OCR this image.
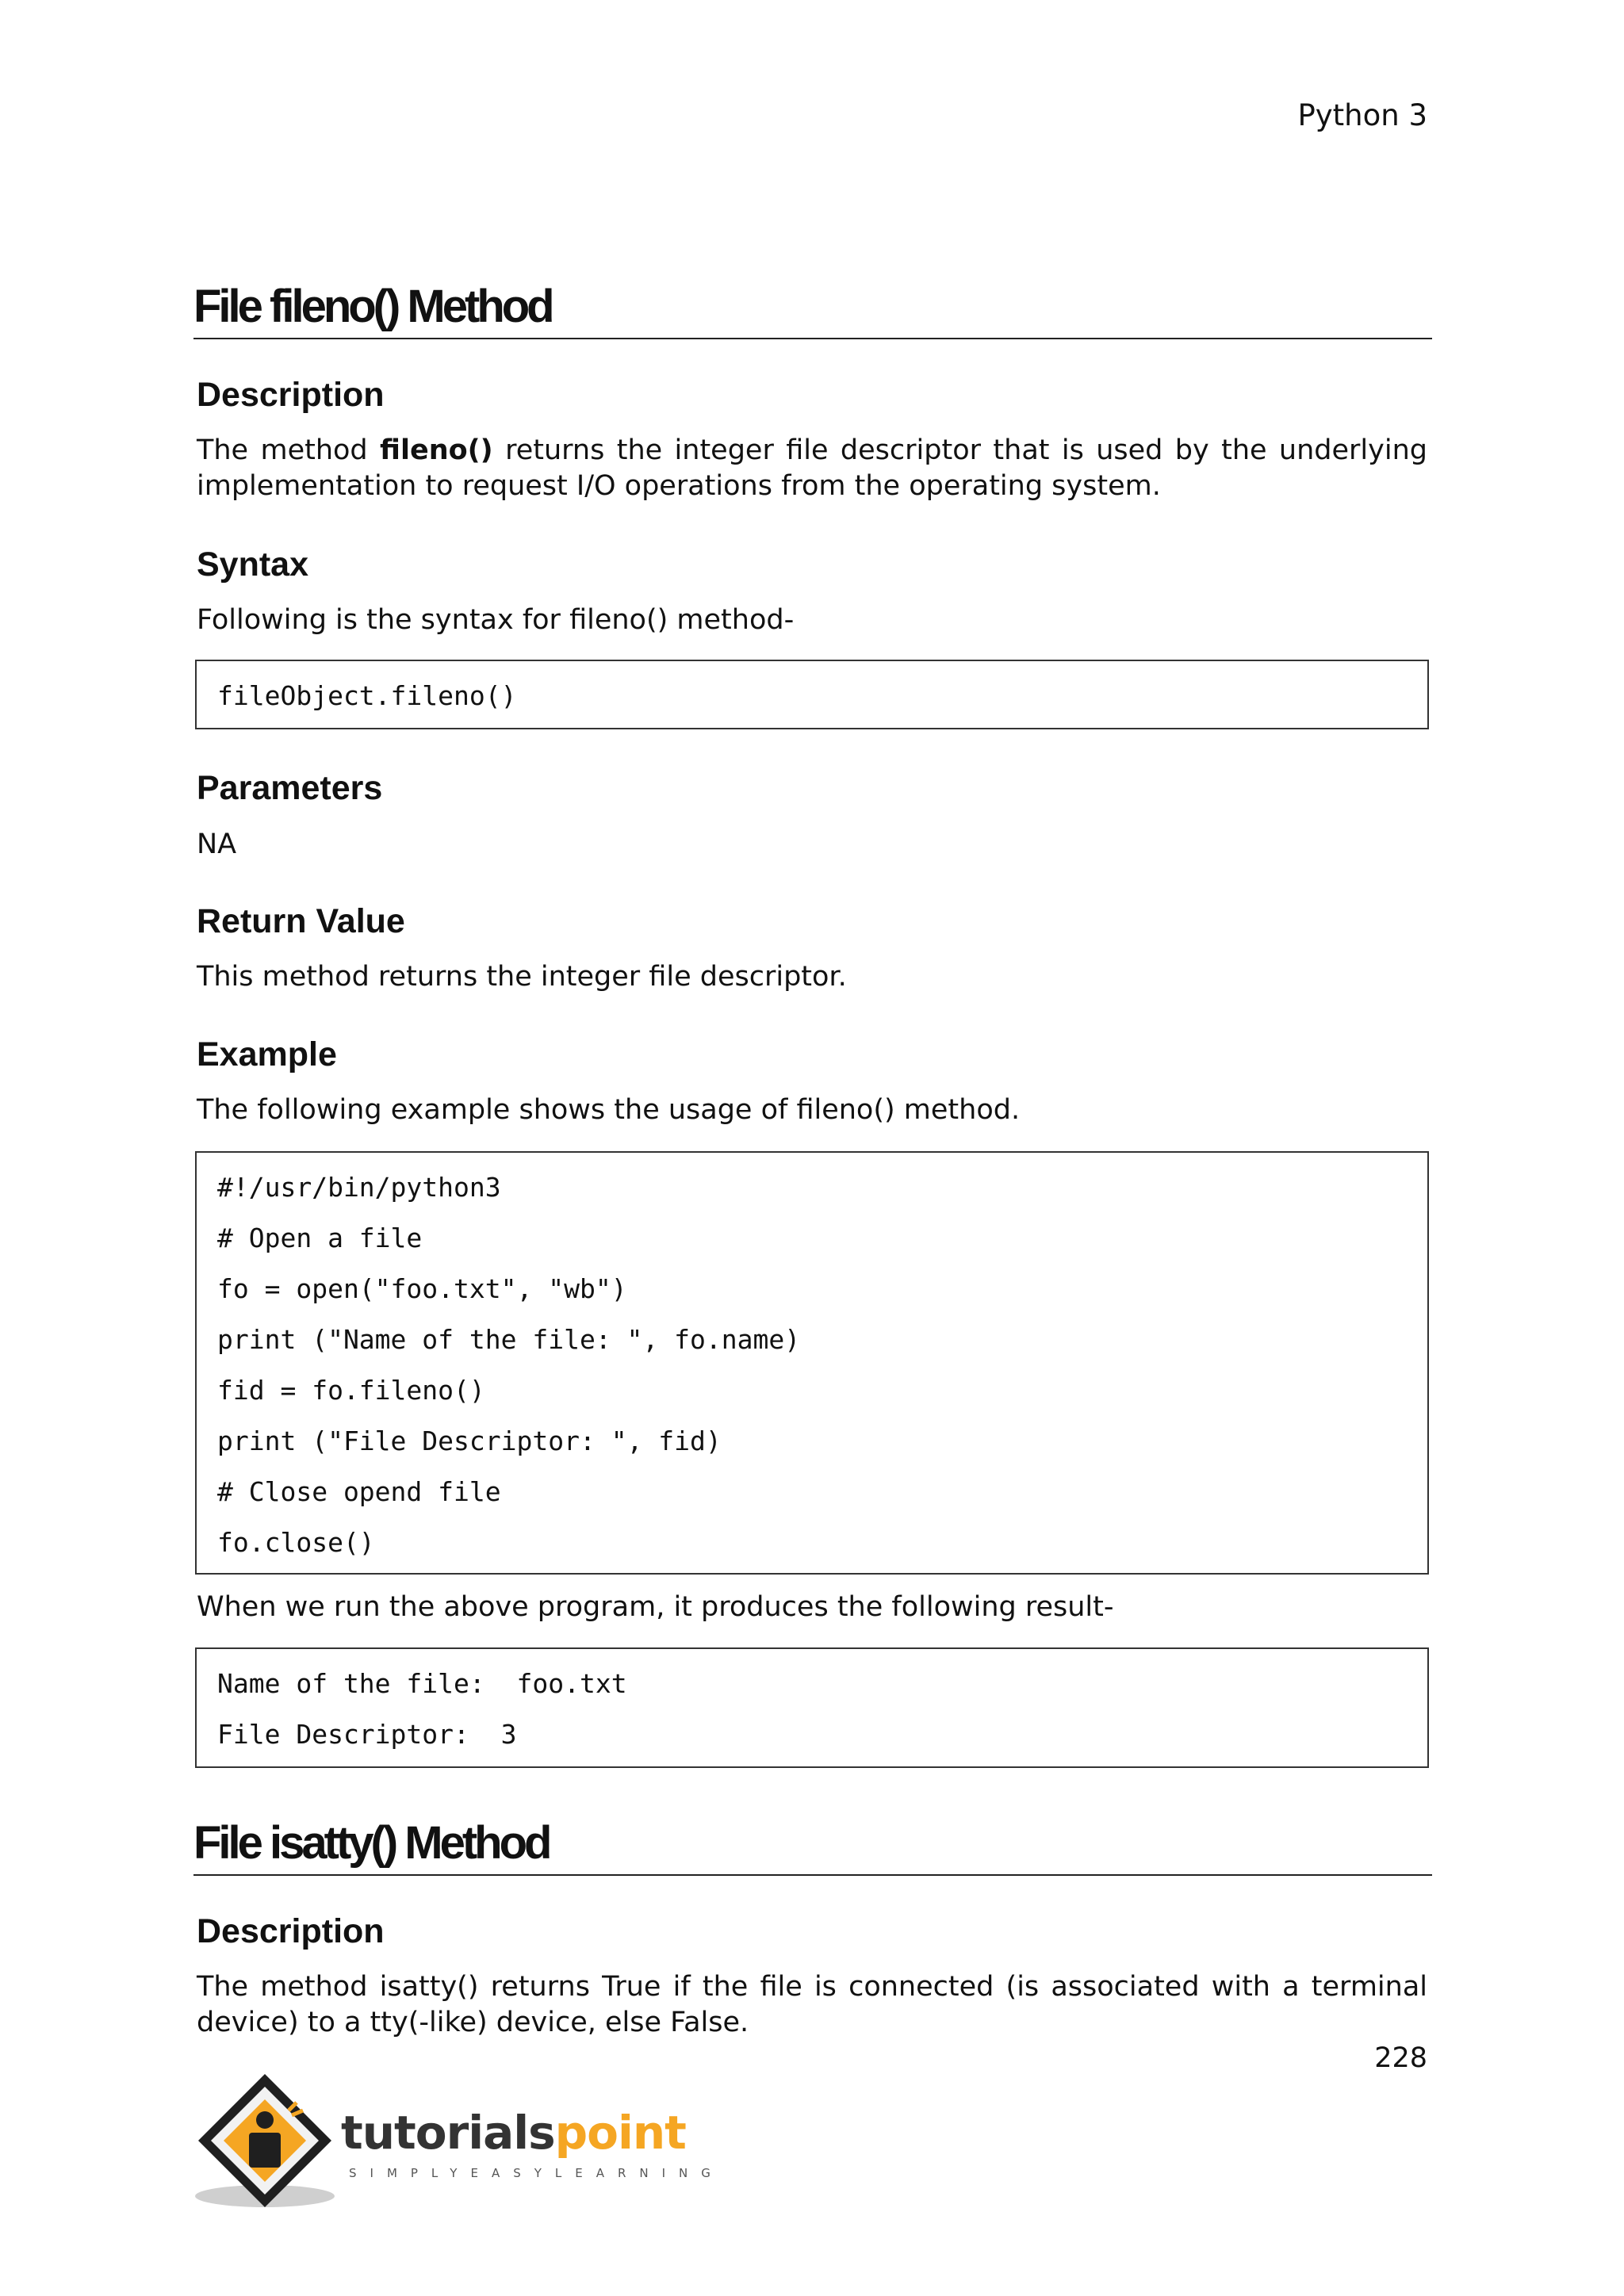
Python 3
File fileno() Method
Description
The method fileno() returns the integer file descriptor that is used by the underlying implementation to request I/O operations from the operating system.
Syntax
Following is the syntax for fileno() method-
fileObject.fileno()
Parameters
NA
Return Value
This method returns the integer file descriptor.
Example
The following example shows the usage of fileno() method.
#!/usr/bin/python3
# Open a file
fo = open("foo.txt", "wb")
print ("Name of the file: ", fo.name)
fid = fo.fileno()
print ("File Descriptor: ", fid)
# Close opend file
fo.close()
When we run the above program, it produces the following result-
Name of the file:  foo.txt
File Descriptor:  3
File isatty() Method
Description
The method isatty() returns True if the file is connected (is associated with a terminal device) to a tty(-like) device, else False.
228
tutorialspoint
SIMPLYEASYLEARNING
